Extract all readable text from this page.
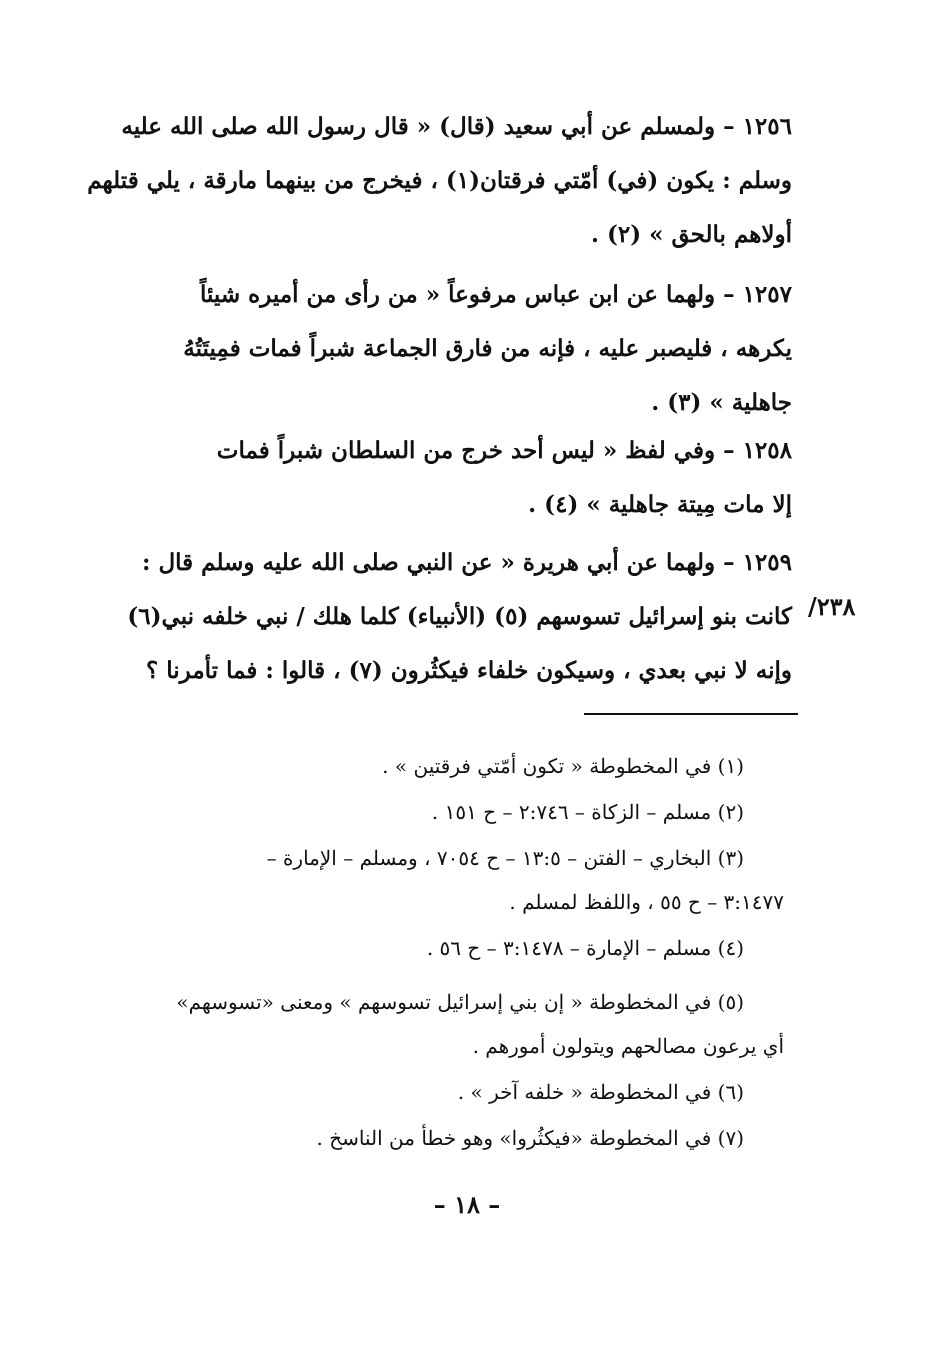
١٢٥٦ – ولمسلم عن أبي سعيد (قال) « قال رسول الله صلى الله عليه
وسلم : يكون (في) أمّتي فرقتان(١) ، فيخرج من بينهما مارقة ، يلي قتلهم
أولاهم بالحق » (٢) .
١٢٥٧ – ولهما عن ابن عباس مرفوعاً « من رأى من أميره شيئاً
يكرهه ، فليصبر عليه ، فإنه من فارق الجماعة شبراً فمات فمِيتَتُهُ
جاهلية » (٣) .
١٢٥٨ – وفي لفظ « ليس أحد خرج من السلطان شبراً فمات
إلا مات مِيتة جاهلية » (٤) .
١٢٥٩ – ولهما عن أبي هريرة « عن النبي صلى الله عليه وسلم قال :
كانت بنو إسرائيل تسوسهم (٥) (الأنبياء) كلما هلك / نبي خلفه نبي(٦)
وإنه لا نبي بعدي ، وسيكون خلفاء فيكثُرون (٧) ، قالوا : فما تأمرنا ؟
٢٣٨/
(١) في المخطوطة « تكون أمّتي فرقتين » .
(٢) مسلم – الزكاة – ٢:٧٤٦ – ح ١٥١ .
(٣) البخاري – الفتن – ١٣:٥ – ح ٧٠٥٤ ، ومسلم – الإمارة –
٣:١٤٧٧ – ح ٥٥ ، واللفظ لمسلم .
(٤) مسلم – الإمارة – ٣:١٤٧٨ – ح ٥٦ .
(٥) في المخطوطة « إن بني إسرائيل تسوسهم » ومعنى «تسوسهم»
أي يرعون مصالحهم ويتولون أمورهم .
(٦) في المخطوطة « خلفه آخر » .
(٧) في المخطوطة «فيكثُروا» وهو خطأ من الناسخ .
– ١٨ –
